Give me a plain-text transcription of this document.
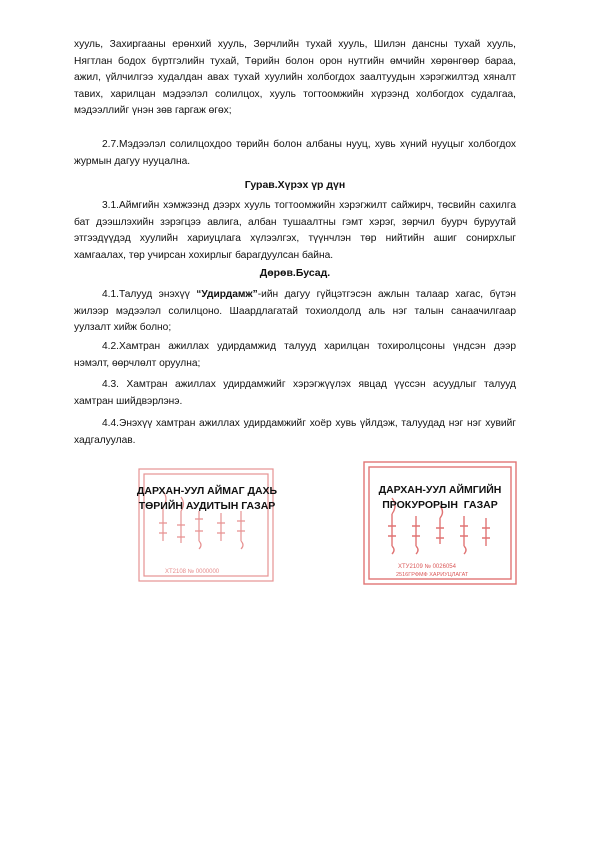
хууль, Захиргааны ерөнхий хууль, Зөрчлийн тухай хууль, Шилэн дансны тухай хууль, Нягтлан бодох бүртгэлийн тухай, Төрийн болон орон нутгийн өмчийн хөрөнгөөр бараа, ажил, үйлчилгээ худалдан авах тухай хуулийн холбогдох заалтуудын хэрэгжилтэд хяналт тавих, харилцан мэдээлэл солилцох, хууль тогтоомжийн хүрээнд холбогдох судалгаа, мэдээллийг үнэн зөв гаргаж өгөх;

2.7.Мэдээлэл солилцохдоо төрийн болон албаны нууц, хувь хүний нууцыг холбогдох журмын дагуу нууцална.

Гурав.Хүрэх үр дүн

3.1.Аймгийн хэмжээнд дээрх хууль тогтоомжийн хэрэгжилт сайжирч, төсвийн сахилга бат дээшлэхийн зэрэгцээ авлига, албан тушаалтны гэмт хэрэг, зөрчил буурч буруутай этгээдүүдэд хуулийн хариуцлага хүлээлгэх, түүнчлэн төр нийтийн ашиг сонирхлыг хамгаалах, төр учирсан хохирлыг барагдуулсан байна.

Дөрөв.Бусад.

4.1.Талууд энэхүү “Удирдамж”-ийн дагуу гүйцэтгэсэн ажлын талаар хагас, бүтэн жилээр мэдээлэл солилцоно. Шаардлагатай тохиолдолд аль нэг талын санаачилгаар уулзалт хийж болно;

4.2.Хамтран ажиллах удирдамжид талууд харилцан тохиролцсоны үндсэн дээр нэмэлт, өөрчлөлт оруулна;

4.3. Хамтран ажиллах удирдамжийг хэрэгжүүлэх явцад үүссэн асуудлыг талууд хамтран шийдвэрлэнэ.

4.4.Энэхүү хамтран ажиллах удирдамжийг хоёр хувь үйлдэж, талуудад нэг нэг хувийг хадгалуулав.

ХТ2108 № 0000000
ДАРХАН-УУЛ АЙМАГ ДАХЬ
ТӨРИЙН АУДИТЫН ГАЗАР
ХТУ2109 № 0026054
2516ГРФМФ ХАРИУЦЛАГАТ
ДАРХАН-УУЛ АЙМГИЙН
ПРОКУРОРЫН  ГАЗАР
